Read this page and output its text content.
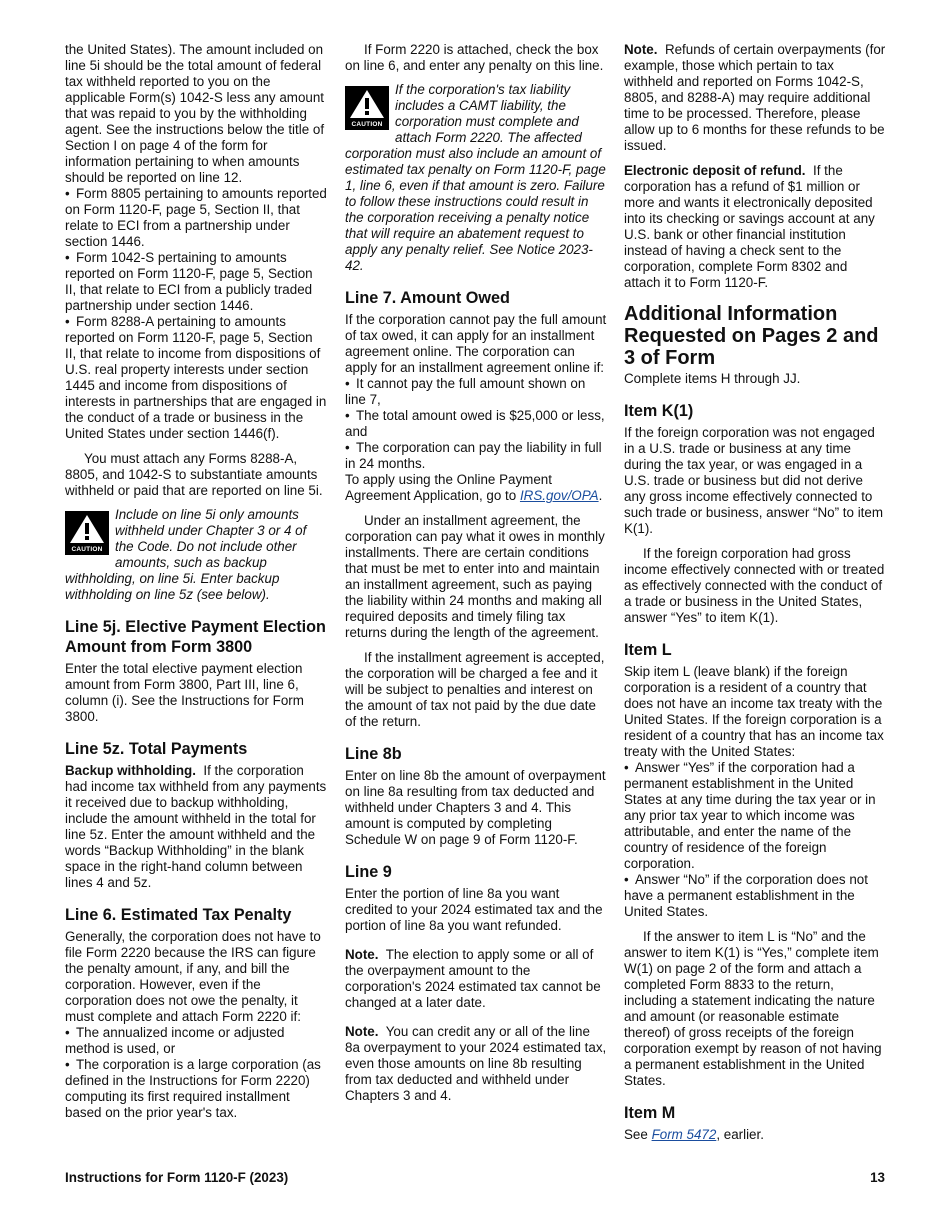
the United States). The amount included on line 5i should be the total amount of federal tax withheld reported to you on the applicable Form(s) 1042-S less any amount that was repaid to you by the withholding agent. See the instructions below the title of Section I on page 4 of the form for information pertaining to when amounts should be reported on line 12.

• Form 8805 pertaining to amounts reported on Form 1120-F, page 5, Section II, that relate to ECI from a partnership under section 1446.

• Form 1042-S pertaining to amounts reported on Form 1120-F, page 5, Section II, that relate to ECI from a publicly traded partnership under section 1446.

• Form 8288-A pertaining to amounts reported on Form 1120-F, page 5, Section II, that relate to income from dispositions of U.S. real property interests under section 1445 and income from dispositions of interests in partnerships that are engaged in the conduct of a trade or business in the United States under section 1446(f).

You must attach any Forms 8288-A, 8805, and 1042-S to substantiate amounts withheld or paid that are reported on line 5i.

CAUTION
Include on line 5i only amounts withheld under Chapter 3 or 4 of the Code. Do not include other amounts, such as backup withholding, on line 5i. Enter backup withholding on line 5z (see below).
Line 5j. Elective Payment Election Amount from Form 3800

Enter the total elective payment election amount from Form 3800, Part III, line 6, column (i). See the Instructions for Form 3800.

Line 5z. Total Payments

Backup withholding. If the corporation had income tax withheld from any payments it received due to backup withholding, include the amount withheld in the total for line 5z. Enter the amount withheld and the words “Backup Withholding” in the blank space in the right-hand column between lines 4 and 5z.

Line 6. Estimated Tax Penalty

Generally, the corporation does not have to file Form 2220 because the IRS can figure the penalty amount, if any, and bill the corporation. However, even if the corporation does not owe the penalty, it must complete and attach Form 2220 if:

• The annualized income or adjusted method is used, or

• The corporation is a large corporation (as defined in the Instructions for Form 2220) computing its first required installment based on the prior year's tax.

If Form 2220 is attached, check the box on line 6, and enter any penalty on this line.

CAUTION
If the corporation's tax liability includes a CAMT liability, the corporation must complete and attach Form 2220. The affected corporation must also include an amount of estimated tax penalty on Form 1120-F, page 1, line 6, even if that amount is zero. Failure to follow these instructions could result in the corporation receiving a penalty notice that will require an abatement request to apply any penalty relief. See Notice 2023-42.
Line 7. Amount Owed

If the corporation cannot pay the full amount of tax owed, it can apply for an installment agreement online. The corporation can apply for an installment agreement online if:

• It cannot pay the full amount shown on line 7,

• The total amount owed is $25,000 or less, and

• The corporation can pay the liability in full in 24 months.

To apply using the Online Payment Agreement Application, go to IRS.gov/OPA.

Under an installment agreement, the corporation can pay what it owes in monthly installments. There are certain conditions that must be met to enter into and maintain an installment agreement, such as paying the liability within 24 months and making all required deposits and timely filing tax returns during the length of the agreement.

If the installment agreement is accepted, the corporation will be charged a fee and it will be subject to penalties and interest on the amount of tax not paid by the due date of the return.

Line 8b

Enter on line 8b the amount of overpayment on line 8a resulting from tax deducted and withheld under Chapters 3 and 4. This amount is computed by completing Schedule W on page 9 of Form 1120-F.

Line 9

Enter the portion of line 8a you want credited to your 2024 estimated tax and the portion of line 8a you want refunded.

Note. The election to apply some or all of the overpayment amount to the corporation's 2024 estimated tax cannot be changed at a later date.

Note. You can credit any or all of the line 8a overpayment to your 2024 estimated tax, even those amounts on line 8b resulting from tax deducted and withheld under Chapters 3 and 4.

Note. Refunds of certain overpayments (for example, those which pertain to tax withheld and reported on Forms 1042-S, 8805, and 8288-A) may require additional time to be processed. Therefore, please allow up to 6 months for these refunds to be issued.

Electronic deposit of refund. If the corporation has a refund of $1 million or more and wants it electronically deposited into its checking or savings account at any U.S. bank or other financial institution instead of having a check sent to the corporation, complete Form 8302 and attach it to Form 1120-F.

Additional Information Requested on Pages 2 and 3 of Form

Complete items H through JJ.

Item K(1)

If the foreign corporation was not engaged in a U.S. trade or business at any time during the tax year, or was engaged in a U.S. trade or business but did not derive any gross income effectively connected to such trade or business, answer “No” to item K(1).

If the foreign corporation had gross income effectively connected with or treated as effectively connected with the conduct of a trade or business in the United States, answer “Yes” to item K(1).

Item L

Skip item L (leave blank) if the foreign corporation is a resident of a country that does not have an income tax treaty with the United States. If the foreign corporation is a resident of a country that has an income tax treaty with the United States:

• Answer “Yes” if the corporation had a permanent establishment in the United States at any time during the tax year or in any prior tax year to which income was attributable, and enter the name of the country of residence of the foreign corporation.

• Answer “No” if the corporation does not have a permanent establishment in the United States.

If the answer to item L is “No” and the answer to item K(1) is “Yes,” complete item W(1) on page 2 of the form and attach a completed Form 8833 to the return, including a statement indicating the nature and amount (or reasonable estimate thereof) of gross receipts of the foreign corporation exempt by reason of not having a permanent establishment in the United States.

Item M

See Form 5472, earlier.

Instructions for Form 1120-F (2023)	13
